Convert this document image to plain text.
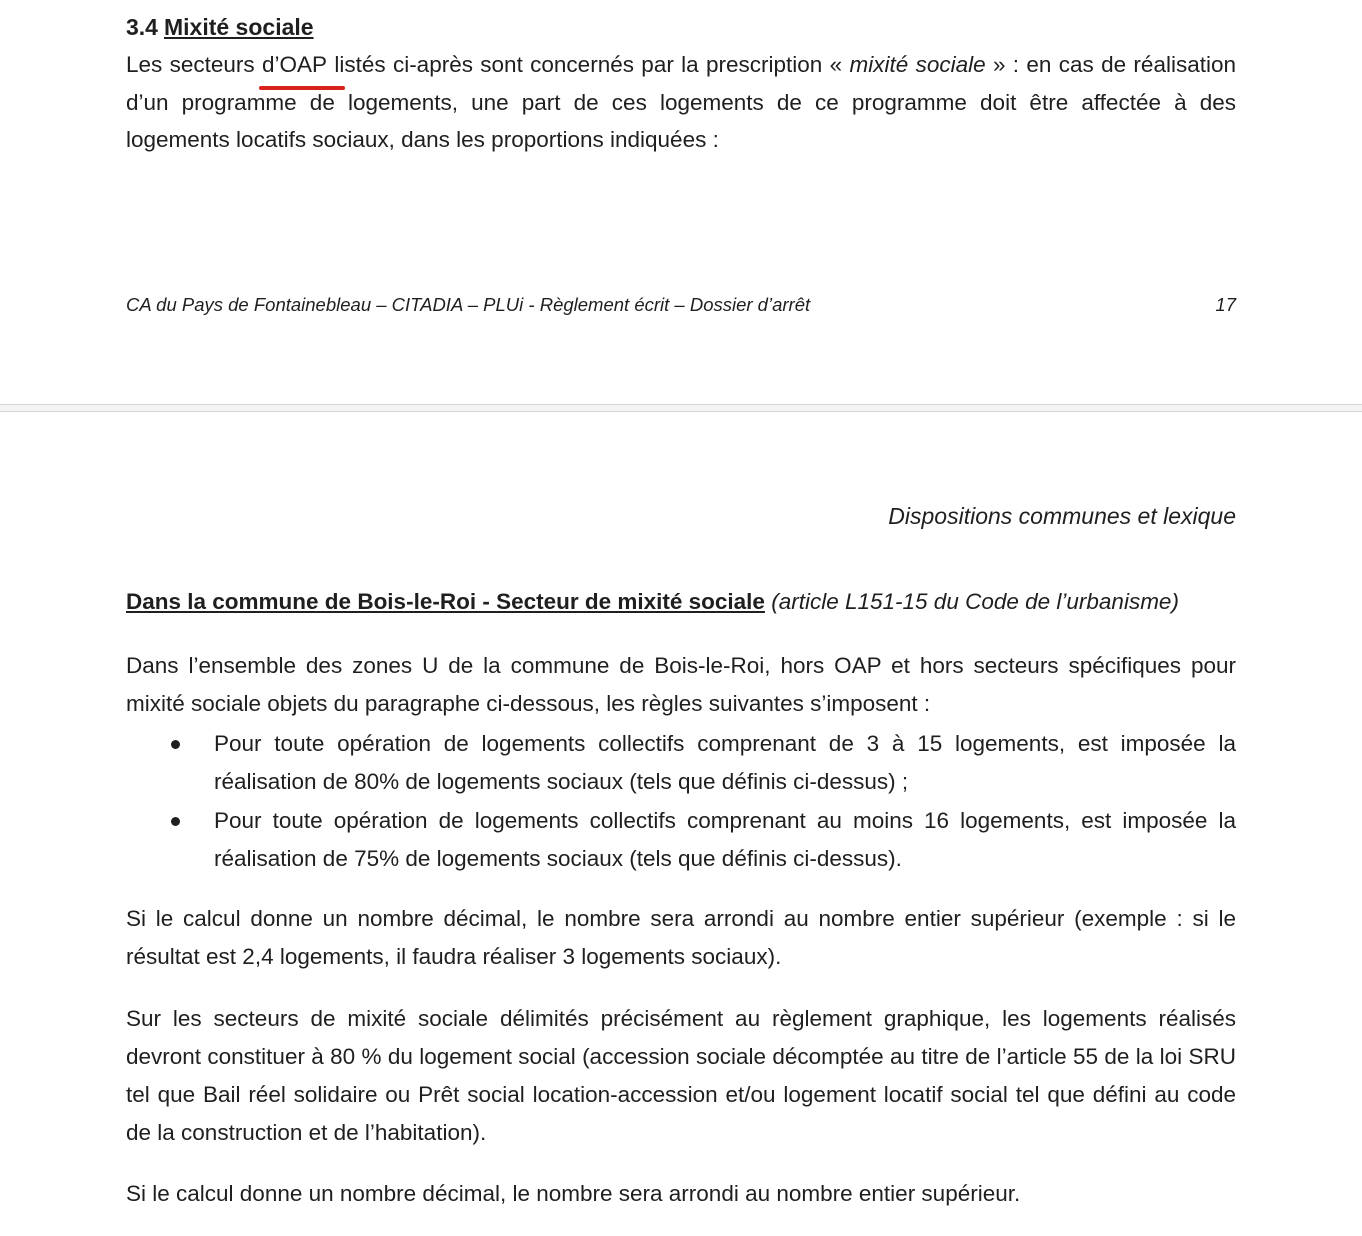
3.4 Mixité sociale
Les secteurs d’OAP
listés ci-après sont concernés par la prescription « mixité sociale » : en cas de réalisation d’un programme de logements, une part de ces logements de ce programme doit être affectée à des logements locatifs sociaux, dans les proportions indiquées :
CA du Pays de Fontainebleau – CITADIA – PLUi - Règlement écrit – Dossier d’arrêt	17
Dispositions communes et lexique
Dans la commune de Bois-le-Roi - Secteur de mixité sociale (article L151-15 du Code de l’urbanisme)
Dans l’ensemble des zones U de la commune de Bois-le-Roi, hors OAP et hors secteurs spécifiques pour mixité sociale objets du paragraphe ci-dessous, les règles suivantes s’imposent :
Pour toute opération de logements collectifs comprenant de 3 à 15 logements, est imposée la réalisation de 80% de logements sociaux (tels que définis ci-dessus) ;
Pour toute opération de logements collectifs comprenant au moins 16 logements, est imposée la réalisation de 75% de logements sociaux (tels que définis ci-dessus).
Si le calcul donne un nombre décimal, le nombre sera arrondi au nombre entier supérieur (exemple : si le résultat est 2,4 logements, il faudra réaliser 3 logements sociaux).
Sur les secteurs de mixité sociale délimités précisément au règlement graphique, les logements réalisés devront constituer à 80 % du logement social (accession sociale décomptée au titre de l’article 55 de la loi SRU tel que Bail réel solidaire ou Prêt social location-accession et/ou logement locatif social tel que défini au code de la construction et de l’habitation).
Si le calcul donne un nombre décimal, le nombre sera arrondi au nombre entier supérieur.
